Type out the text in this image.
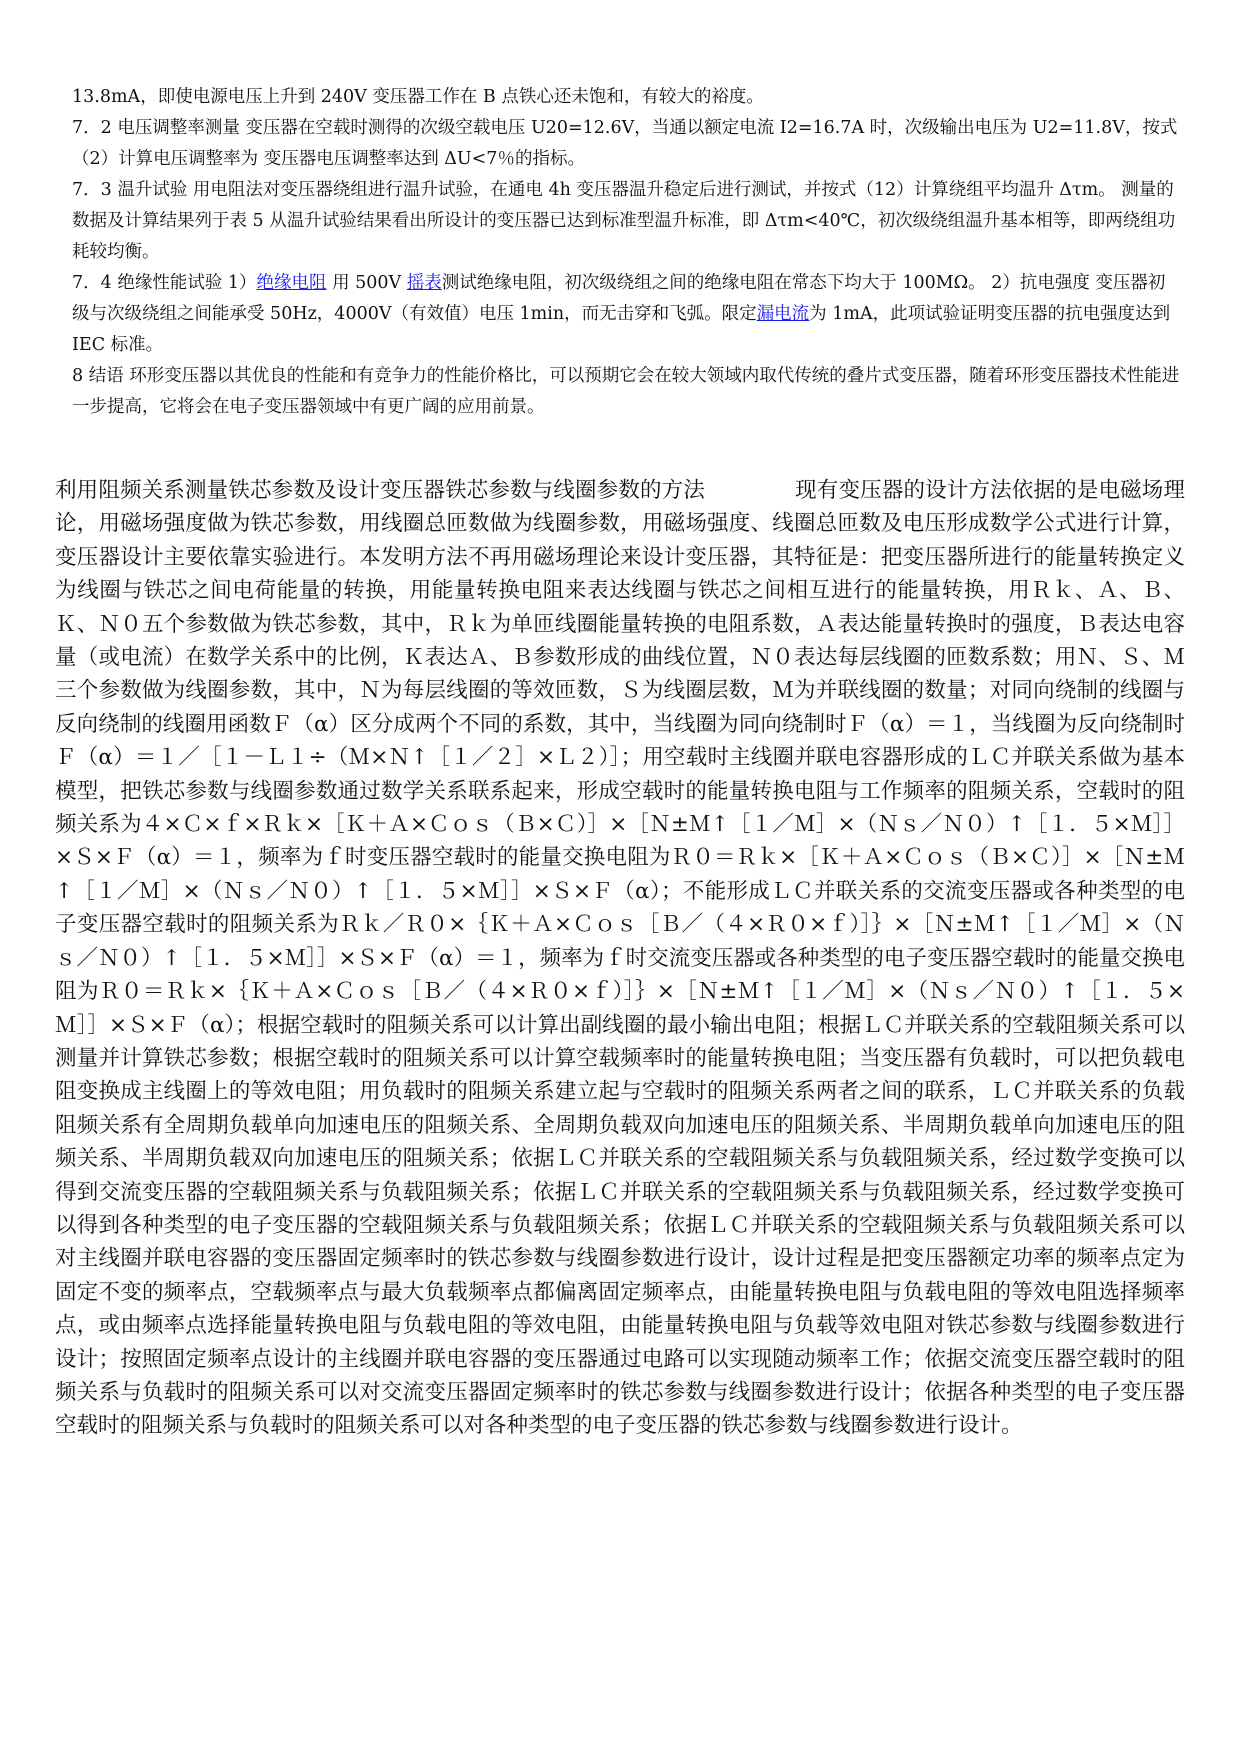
13.8mA，即使电源电压上升到 240V 变压器工作在 B 点铁心还未饱和，有较大的裕度。

7．2 电压调整率测量 变压器在空载时测得的次级空载电压 U20=12.6V，当通以额定电流 I2=16.7A 时，次级输出电压为 U2=11.8V，按式（2）计算电压调整率为 变压器电压调整率达到 ΔU<7％的指标。

7．3 温升试验 用电阻法对变压器绕组进行温升试验，在通电 4h 变压器温升稳定后进行测试，并按式（12）计算绕组平均温升 Δτm。 测量的数据及计算结果列于表 5 从温升试验结果看出所设计的变压器已达到标准型温升标准，即 Δτm<40℃，初次级绕组温升基本相等，即两绕组功耗较均衡。

7．4 绝缘性能试验 1）绝缘电阻 用 500V 摇表测试绝缘电阻，初次级绕组之间的绝缘电阻在常态下均大于 100MΩ。 2）抗电强度 变压器初级与次级绕组之间能承受 50Hz，4000V（有效值）电压 1min，而无击穿和飞弧。限定漏电流为 1mA，此项试验证明变压器的抗电强度达到 IEC 标准。

8 结语 环形变压器以其优良的性能和有竞争力的性能价格比，可以预期它会在较大领域内取代传统的叠片式变压器，随着环形变压器技术性能进一步提高，它将会在电子变压器领域中有更广阔的应用前景。

利用阻频关系测量铁芯参数及设计变压器铁芯参数与线圈参数的方法	现有变压器的设计方法依据的是电磁场理论，用磁场强度做为铁芯参数，用线圈总匝数做为线圈参数，用磁场强度、线圈总匝数及电压形成数学公式进行计算，变压器设计主要依靠实验进行。本发明方法不再用磁场理论来设计变压器，其特征是：把变压器所进行的能量转换定义为线圈与铁芯之间电荷能量的转换，用能量转换电阻来表达线圈与铁芯之间相互进行的能量转换，用Ｒｋ、Ａ、Ｂ、Ｋ、Ｎ０五个参数做为铁芯参数，其中，Ｒｋ为单匝线圈能量转换的电阻系数，Ａ表达能量转换时的强度，Ｂ表达电容量（或电流）在数学关系中的比例，Ｋ表达Ａ、Ｂ参数形成的曲线位置，Ｎ０表达每层线圈的匝数系数；用Ｎ、Ｓ、Ｍ三个参数做为线圈参数，其中，Ｎ为每层线圈的等效匝数，Ｓ为线圈层数，Ｍ为并联线圈的数量；对同向绕制的线圈与反向绕制的线圈用函数Ｆ（α）区分成两个不同的系数，其中，当线圈为同向绕制时Ｆ（α）＝１，当线圈为反向绕制时Ｆ（α）＝１／［１－Ｌ１÷（Ｍ×Ｎ↑［１／２］×Ｌ２）］；用空载时主线圈并联电容器形成的ＬＣ并联关系做为基本模型，把铁芯参数与线圈参数通过数学关系联系起来，形成空载时的能量转换电阻与工作频率的阻频关系，空载时的阻频关系为４×Ｃ×ｆ×Ｒｋ×［Ｋ＋Ａ×Ｃｏｓ（Ｂ×Ｃ）］×［Ｎ±Ｍ↑［１／Ｍ］×（Ｎｓ／Ｎ０）↑［１．５×Ｍ］］×Ｓ×Ｆ（α）＝１，频率为ｆ时变压器空载时的能量交换电阻为Ｒ０＝Ｒｋ×［Ｋ＋Ａ×Ｃｏｓ（Ｂ×Ｃ）］×［Ｎ±Ｍ↑［１／Ｍ］×（Ｎｓ／Ｎ０）↑［１．５×Ｍ］］×Ｓ×Ｆ（α）；不能形成ＬＣ并联关系的交流变压器或各种类型的电子变压器空载时的阻频关系为Ｒｋ／Ｒ０×｛Ｋ＋Ａ×Ｃｏｓ［Ｂ／（４×Ｒ０×ｆ）］｝×［Ｎ±Ｍ↑［１／Ｍ］×（Ｎｓ／Ｎ０）↑［１．５×Ｍ］］×Ｓ×Ｆ（α）＝１，频率为ｆ时交流变压器或各种类型的电子变压器空载时的能量交换电阻为Ｒ０＝Ｒｋ×｛Ｋ＋Ａ×Ｃｏｓ［Ｂ／（４×Ｒ０×ｆ）］｝×［Ｎ±Ｍ↑［１／Ｍ］×（Ｎｓ／Ｎ０）↑［１．５×Ｍ］］×Ｓ×Ｆ（α）；根据空载时的阻频关系可以计算出副线圈的最小输出电阻；根据ＬＣ并联关系的空载阻频关系可以测量并计算铁芯参数；根据空载时的阻频关系可以计算空载频率时的能量转换电阻；当变压器有负载时，可以把负载电阻变换成主线圈上的等效电阻；用负载时的阻频关系建立起与空载时的阻频关系两者之间的联系，ＬＣ并联关系的负载阻频关系有全周期负载单向加速电压的阻频关系、全周期负载双向加速电压的阻频关系、半周期负载单向加速电压的阻频关系、半周期负载双向加速电压的阻频关系；依据ＬＣ并联关系的空载阻频关系与负载阻频关系，经过数学变换可以得到交流变压器的空载阻频关系与负载阻频关系；依据ＬＣ并联关系的空载阻频关系与负载阻频关系，经过数学变换可以得到各种类型的电子变压器的空载阻频关系与负载阻频关系；依据ＬＣ并联关系的空载阻频关系与负载阻频关系可以对主线圈并联电容器的变压器固定频率时的铁芯参数与线圈参数进行设计，设计过程是把变压器额定功率的频率点定为固定不变的频率点，空载频率点与最大负载频率点都偏离固定频率点，由能量转换电阻与负载电阻的等效电阻选择频率点，或由频率点选择能量转换电阻与负载电阻的等效电阻，由能量转换电阻与负载等效电阻对铁芯参数与线圈参数进行设计；按照固定频率点设计的主线圈并联电容器的变压器通过电路可以实现随动频率工作；依据交流变压器空载时的阻频关系与负载时的阻频关系可以对交流变压器固定频率时的铁芯参数与线圈参数进行设计；依据各种类型的电子变压器空载时的阻频关系与负载时的阻频关系可以对各种类型的电子变压器的铁芯参数与线圈参数进行设计。
